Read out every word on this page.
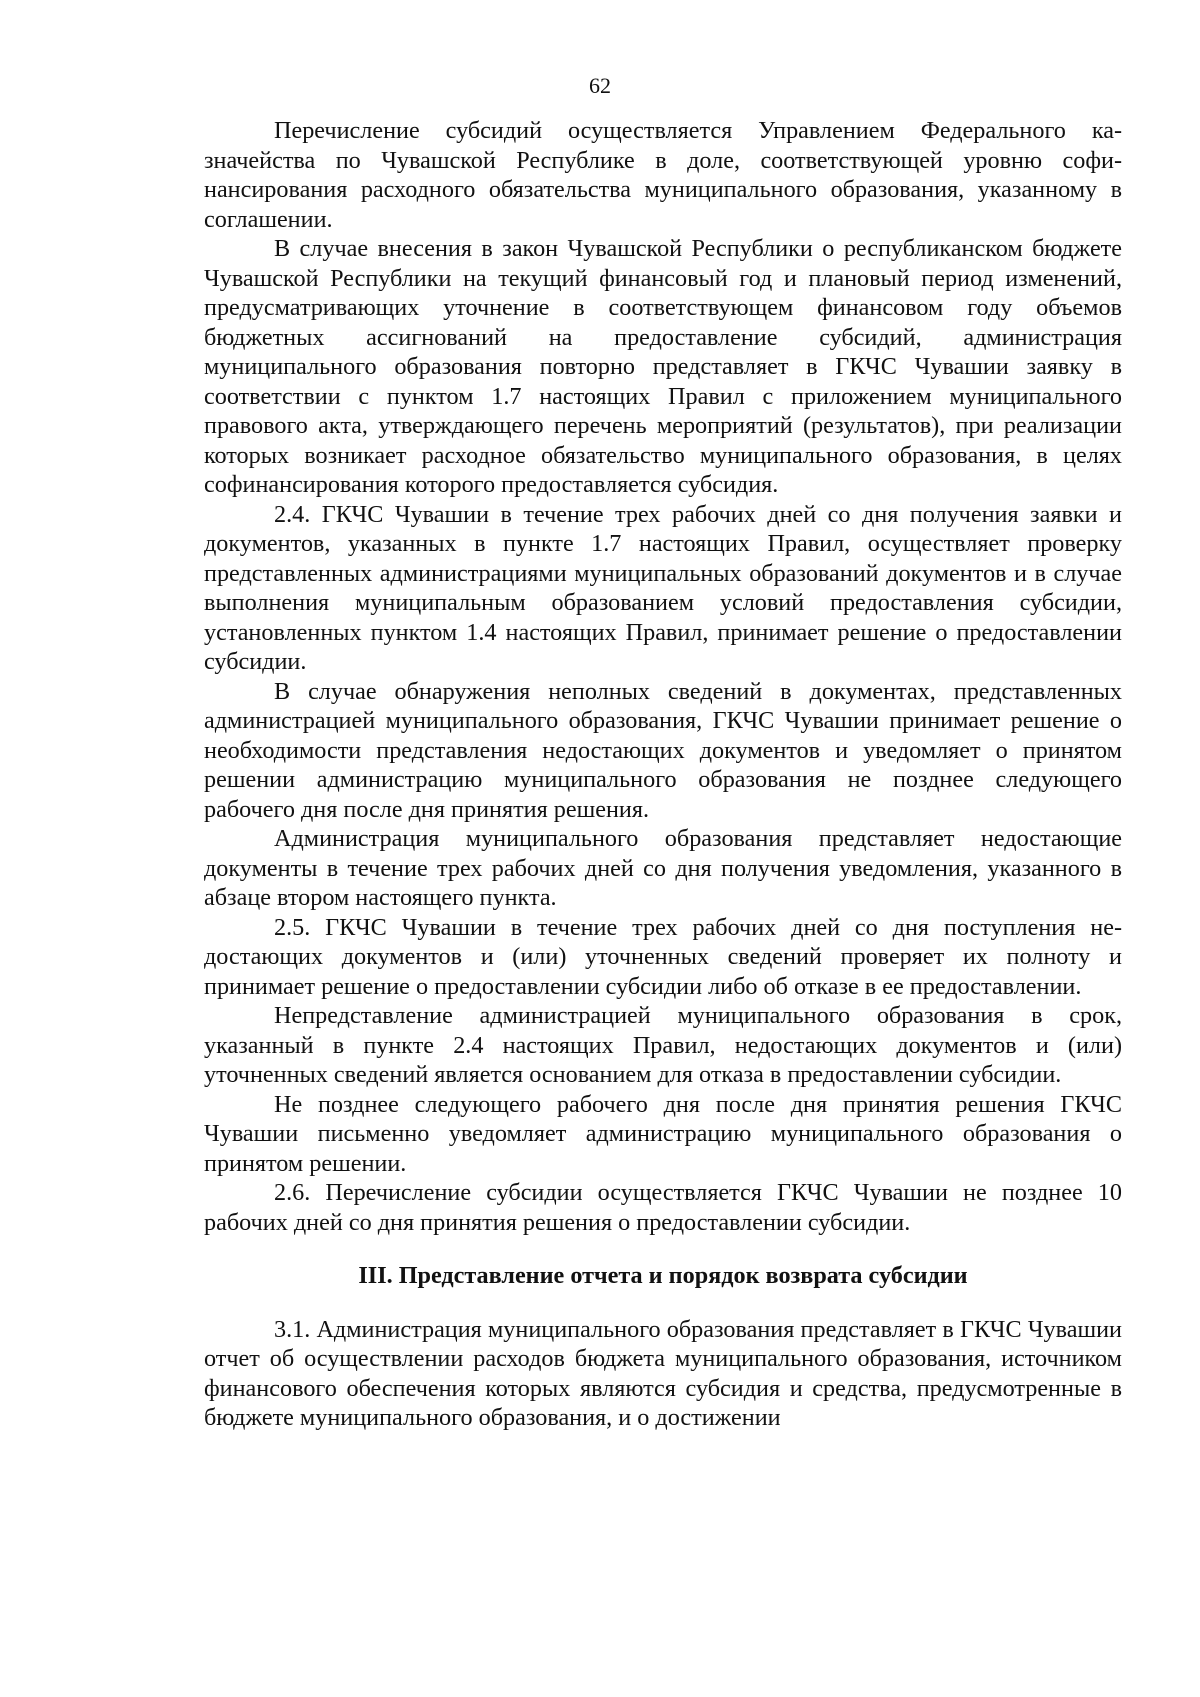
62

Перечисление субсидий осуществляется Управлением Федерального казначейства по Чувашской Республике в доле, соответствующей уровню софинансирования расходного обязательства муниципального образования, указанному в соглашении.

В случае внесения в закон Чувашской Республики о республиканском бюджете Чувашской Республики на текущий финансовый год и плановый период изменений, предусматривающих уточнение в соответствующем финансовом году объемов бюджетных ассигнований на предоставление субсидий, администрация муниципального образования повторно представляет в ГКЧС Чувашии заявку в соответствии с пунктом 1.7 настоящих Правил с приложением муниципального правового акта, утверждающего перечень мероприятий (результатов), при реализации которых возникает расходное обязательство муниципального образования, в целях софинансирования которого предоставляется субсидия.

2.4. ГКЧС Чувашии в течение трех рабочих дней со дня получения заявки и документов, указанных в пункте 1.7 настоящих Правил, осуществляет проверку представленных администрациями муниципальных образований документов и в случае выполнения муниципальным образованием условий предоставления субсидии, установленных пунктом 1.4 настоящих Правил, принимает решение о предоставлении субсидии.

В случае обнаружения неполных сведений в документах, представленных администрацией муниципального образования, ГКЧС Чувашии принимает решение о необходимости представления недостающих документов и уведомляет о принятом решении администрацию муниципального образования не позднее следующего рабочего дня после дня принятия решения.

Администрация муниципального образования представляет недостающие документы в течение трех рабочих дней со дня получения уведомления, указанного в абзаце втором настоящего пункта.

2.5. ГКЧС Чувашии в течение трех рабочих дней со дня поступления недостающих документов и (или) уточненных сведений проверяет их полноту и принимает решение о предоставлении субсидии либо об отказе в ее предоставлении.

Непредставление администрацией муниципального образования в срок, указанный в пункте 2.4 настоящих Правил, недостающих документов и (или) уточненных сведений является основанием для отказа в предоставлении субсидии.

Не позднее следующего рабочего дня после дня принятия решения ГКЧС Чувашии письменно уведомляет администрацию муниципального образования о принятом решении.

2.6. Перечисление субсидии осуществляется ГКЧС Чувашии не позднее 10 рабочих дней со дня принятия решения о предоставлении субсидии.

III. Представление отчета и порядок возврата субсидии

3.1. Администрация муниципального образования представляет в ГКЧС Чувашии отчет об осуществлении расходов бюджета муниципального образования, источником финансового обеспечения которых являются субсидия и средства, предусмотренные в бюджете муниципального образования, и о достижении
